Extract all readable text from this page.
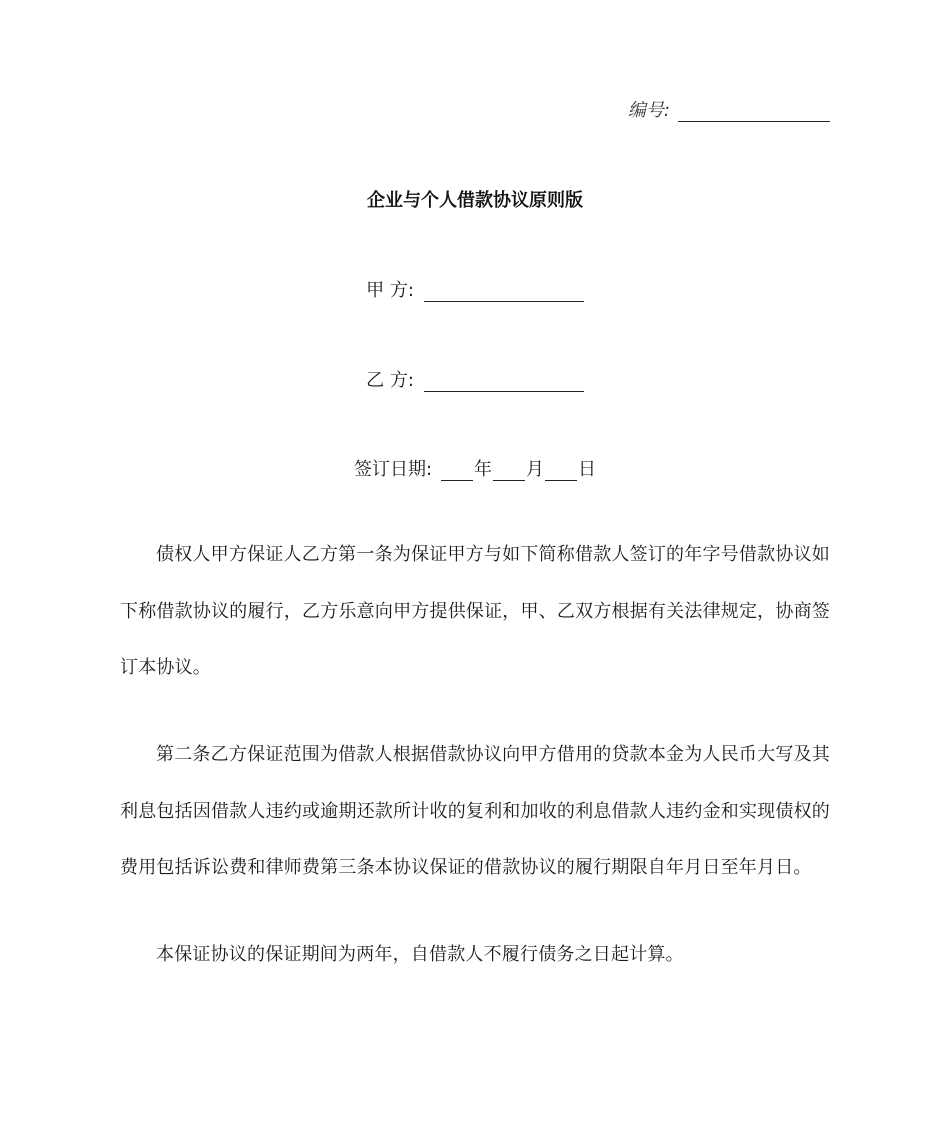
编号:
企业与个人借款协议原则版
甲 方:
乙 方:
签订日期: 年 月 日

债权人甲方保证人乙方第一条为保证甲方与如下简称借款人签订的年字号借款协议如下称借款协议的履行，乙方乐意向甲方提供保证，甲、乙双方根据有关法律规定，协商签订本协议。

第二条乙方保证范围为借款人根据借款协议向甲方借用的贷款本金为人民币大写及其利息包括因借款人违约或逾期还款所计收的复利和加收的利息借款人违约金和实现债权的费用包括诉讼费和律师费第三条本协议保证的借款协议的履行期限自年月日至年月日。

本保证协议的保证期间为两年，自借款人不履行债务之日起计算。
